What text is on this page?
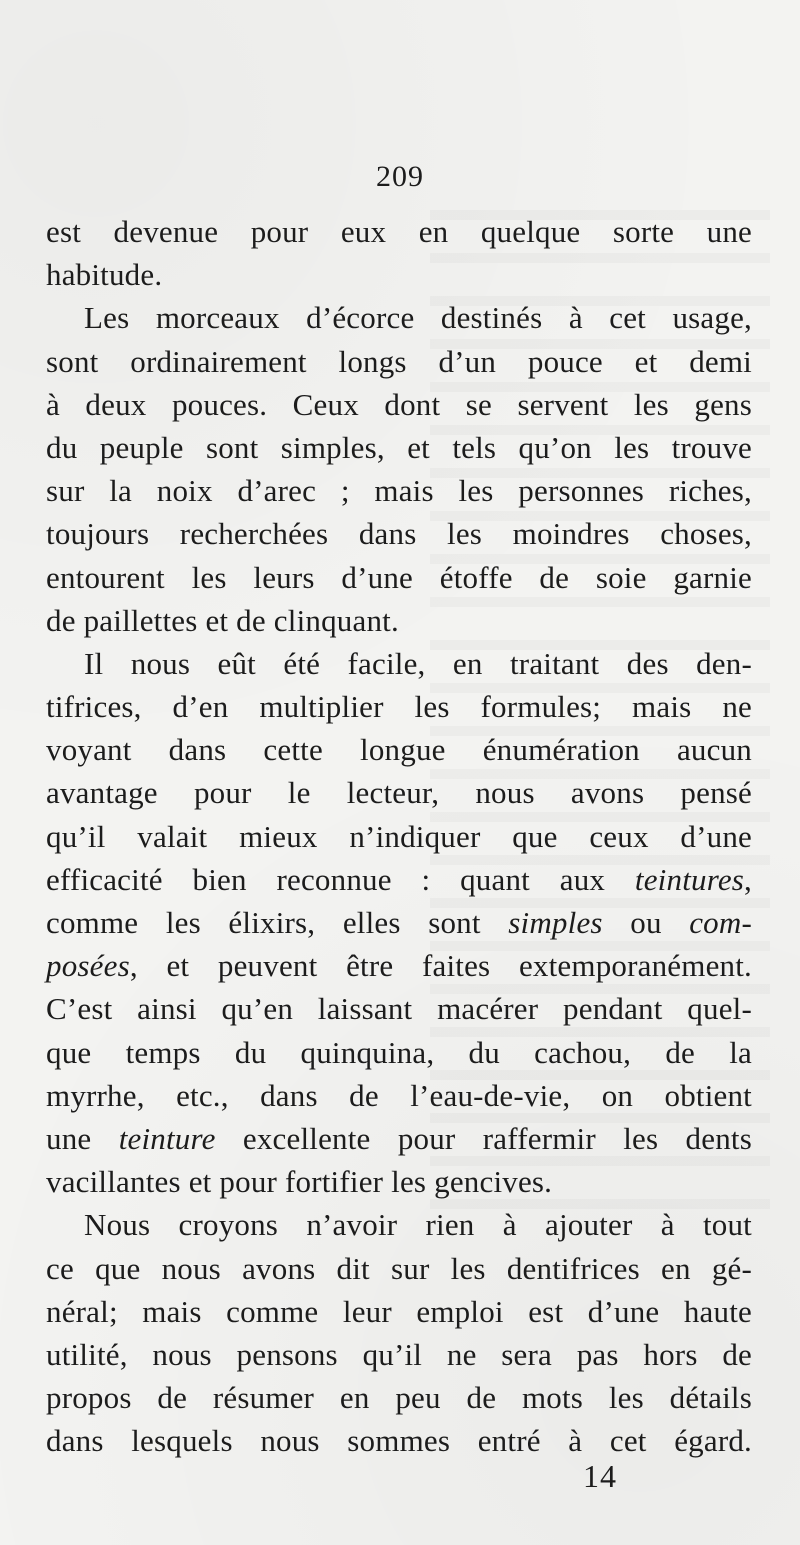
209
est devenue pour eux en quelque sorte une
habitude.
Les morceaux d’écorce destinés à cet usage,
sont ordinairement longs d’un pouce et demi
à deux pouces. Ceux dont se servent les gens
du peuple sont simples, et tels qu’on les trouve
sur la noix d’arec ; mais les personnes riches,
toujours recherchées dans les moindres choses,
entourent les leurs d’une étoffe de soie garnie
de paillettes et de clinquant.
Il nous eût été facile, en traitant des den-
tifrices, d’en multiplier les formules; mais ne
voyant dans cette longue énumération aucun
avantage pour le lecteur, nous avons pensé
qu’il valait mieux n’indiquer que ceux d’une
efficacité bien reconnue : quant aux teintures,
comme les élixirs, elles sont simples ou com-
posées, et peuvent être faites extemporanément.
C’est ainsi qu’en laissant macérer pendant quel-
que temps du quinquina, du cachou, de la
myrrhe, etc., dans de l’eau-de-vie, on obtient
une teinture excellente pour raffermir les dents
vacillantes et pour fortifier les gencives.
Nous croyons n’avoir rien à ajouter à tout
ce que nous avons dit sur les dentifrices en gé-
néral; mais comme leur emploi est d’une haute
utilité, nous pensons qu’il ne sera pas hors de
propos de résumer en peu de mots les détails
dans lesquels nous sommes entré à cet égard.
14
